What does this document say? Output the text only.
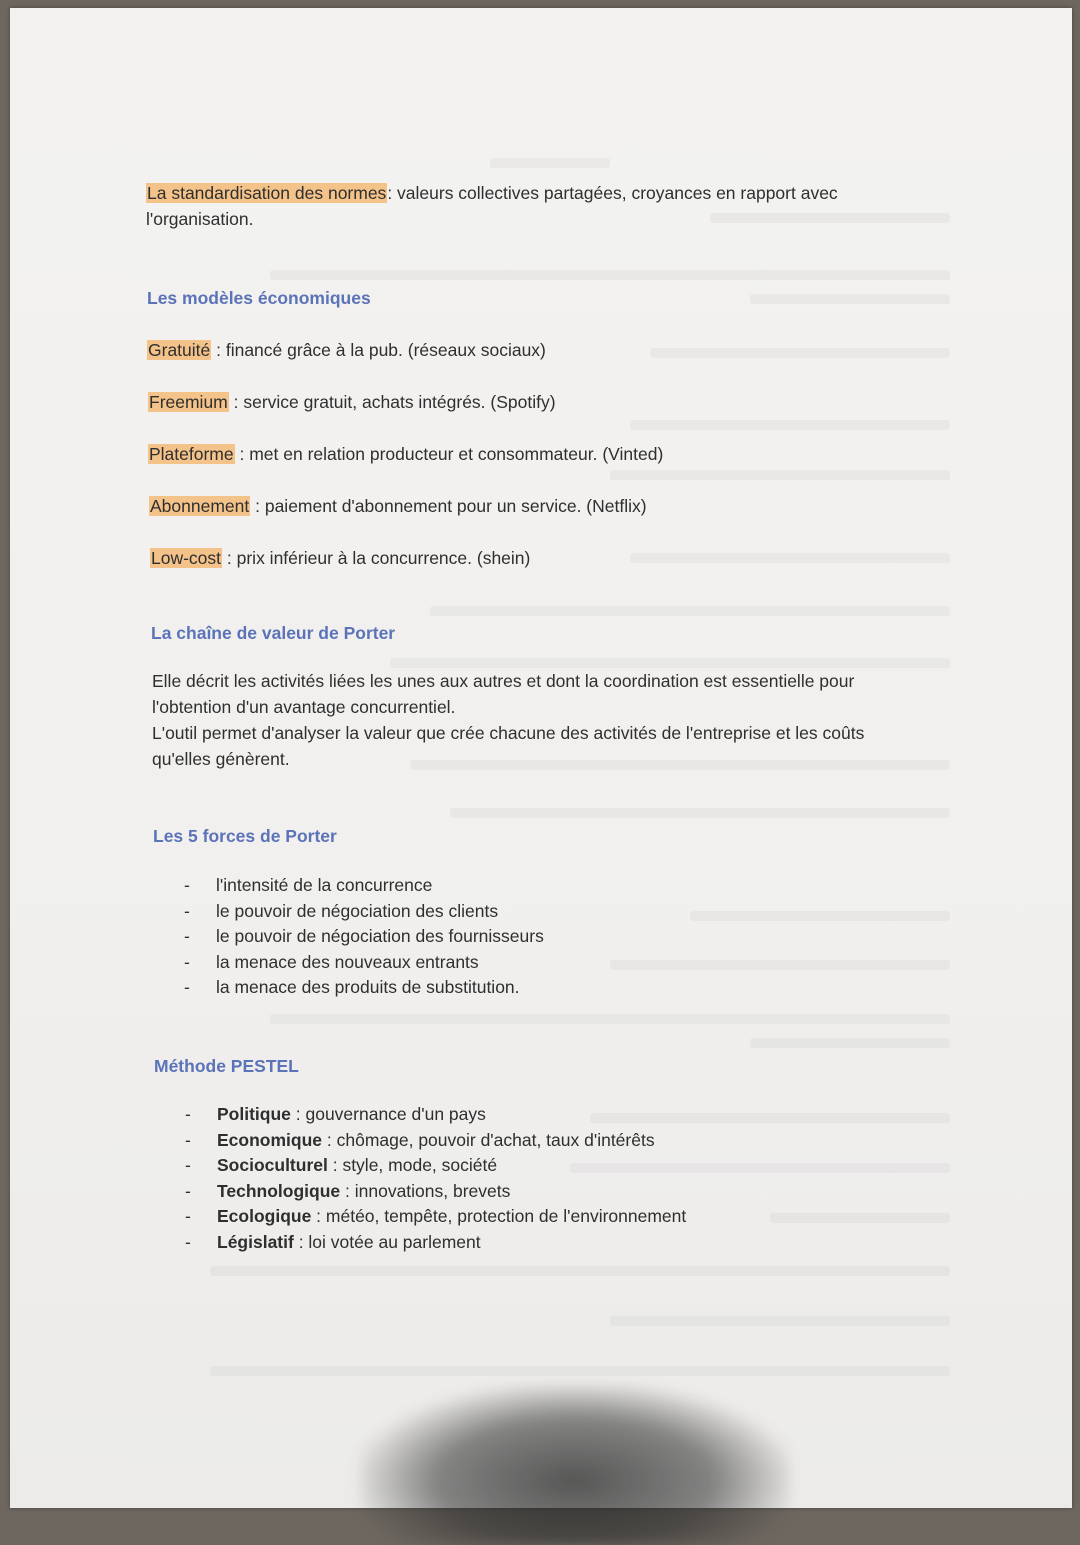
La standardisation des normes: valeurs collectives partagées, croyances en rapport avec
l'organisation.
Les modèles économiques
Gratuité : financé grâce à la pub. (réseaux sociaux)
Freemium : service gratuit, achats intégrés. (Spotify)
Plateforme : met en relation producteur et consommateur. (Vinted)
Abonnement : paiement d'abonnement pour un service. (Netflix)
Low-cost : prix inférieur à la concurrence. (shein)
La chaîne de valeur de Porter
Elle décrit les activités liées les unes aux autres et dont la coordination est essentielle pour
l'obtention d'un avantage concurrentiel.
L'outil permet d'analyser la valeur que crée chacune des activités de l'entreprise et les coûts
qu'elles génèrent.
Les 5 forces de Porter
- l'intensité de la concurrence
- le pouvoir de négociation des clients
- le pouvoir de négociation des fournisseurs
- la menace des nouveaux entrants
- la menace des produits de substitution.
Méthode PESTEL
- Politique : gouvernance d'un pays
- Economique : chômage, pouvoir d'achat, taux d'intérêts
- Socioculturel : style, mode, société
- Technologique : innovations, brevets
- Ecologique : météo, tempête, protection de l'environnement
- Législatif : loi votée au parlement
